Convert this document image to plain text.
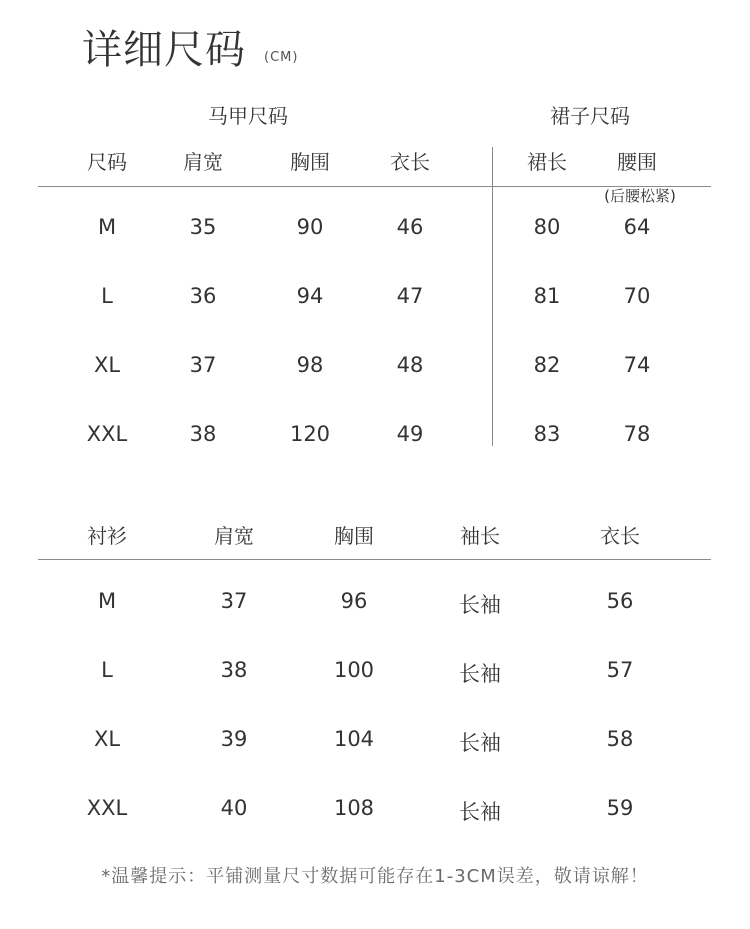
详细尺码 (CM)
马甲尺码	裙子尺码
尺码	肩宽	胸围	衣长	裙长	腰围
(后腰松紧)
M	35	90	46	80	64
L	36	94	47	81	70
XL	37	98	48	82	74
XXL	38	120	49	83	78
衬衫	肩宽	胸围	袖长	衣长
M	37	96	长袖	56
L	38	100	长袖	57
XL	39	104	长袖	58
XXL	40	108	长袖	59
*温馨提示：平铺测量尺寸数据可能存在1-3CM误差，敬请谅解！
